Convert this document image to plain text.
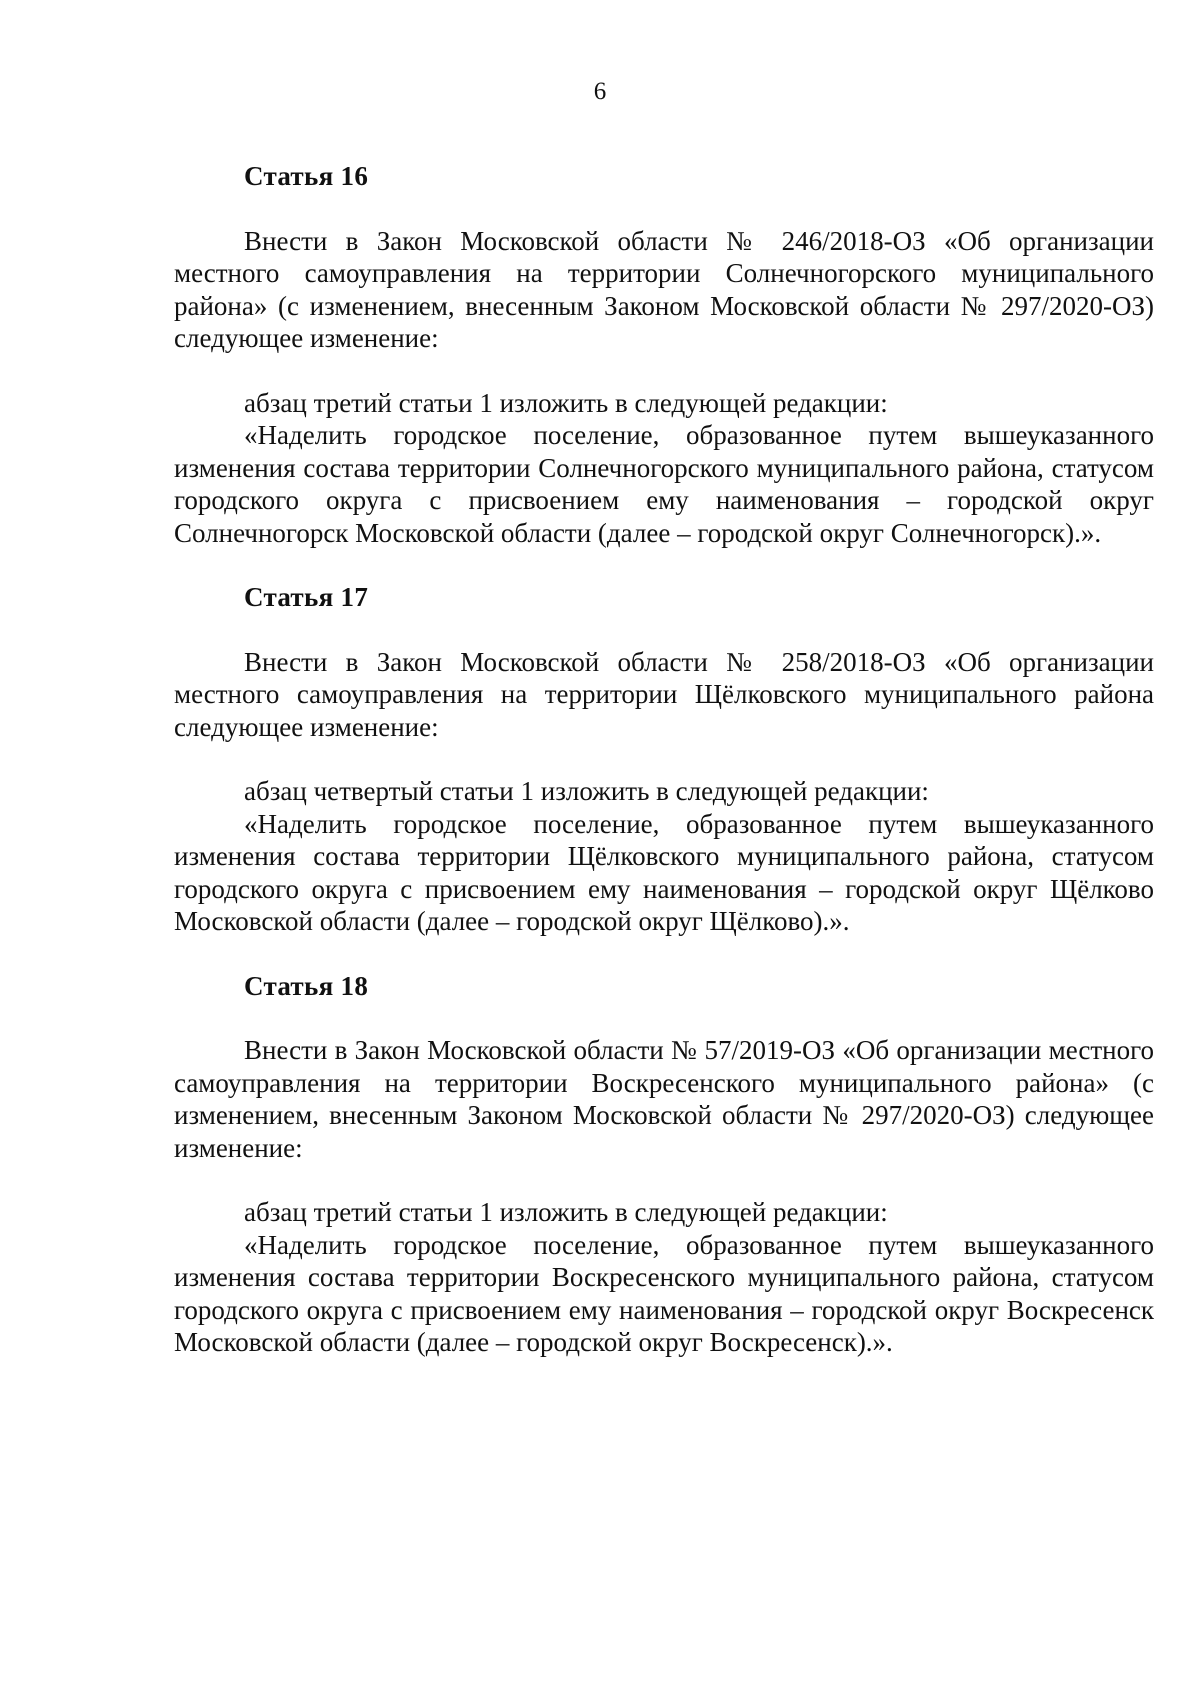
6

Статья 16

Внести в Закон Московской области № 246/2018-ОЗ «Об организации местного самоуправления на территории Солнечногорского муниципального района» (с изменением, внесенным Законом Московской области № 297/2020-ОЗ) следующее изменение:

абзац третий статьи 1 изложить в следующей редакции:

«Наделить городское поселение, образованное путем вышеуказанного изменения состава территории Солнечногорского муниципального района, статусом городского округа с присвоением ему наименования – городской округ Солнечногорск Московской области (далее – городской округ Солнечногорск).».

Статья 17

Внести в Закон Московской области № 258/2018-ОЗ «Об организации местного самоуправления на территории Щёлковского муниципального района следующее изменение:

абзац четвертый статьи 1 изложить в следующей редакции:

«Наделить городское поселение, образованное путем вышеуказанного изменения состава территории Щёлковского муниципального района, статусом городского округа с присвоением ему наименования – городской округ Щёлково Московской области (далее – городской округ Щёлково).».

Статья 18

Внести в Закон Московской области № 57/2019-ОЗ «Об организации местного самоуправления на территории Воскресенского муниципального района» (с изменением, внесенным Законом Московской области № 297/2020-ОЗ) следующее изменение:

абзац третий статьи 1 изложить в следующей редакции:

«Наделить городское поселение, образованное путем вышеуказанного изменения состава территории Воскресенского муниципального района, статусом городского округа с присвоением ему наименования – городской округ Воскресенск Московской области (далее – городской округ Воскресенск).».
